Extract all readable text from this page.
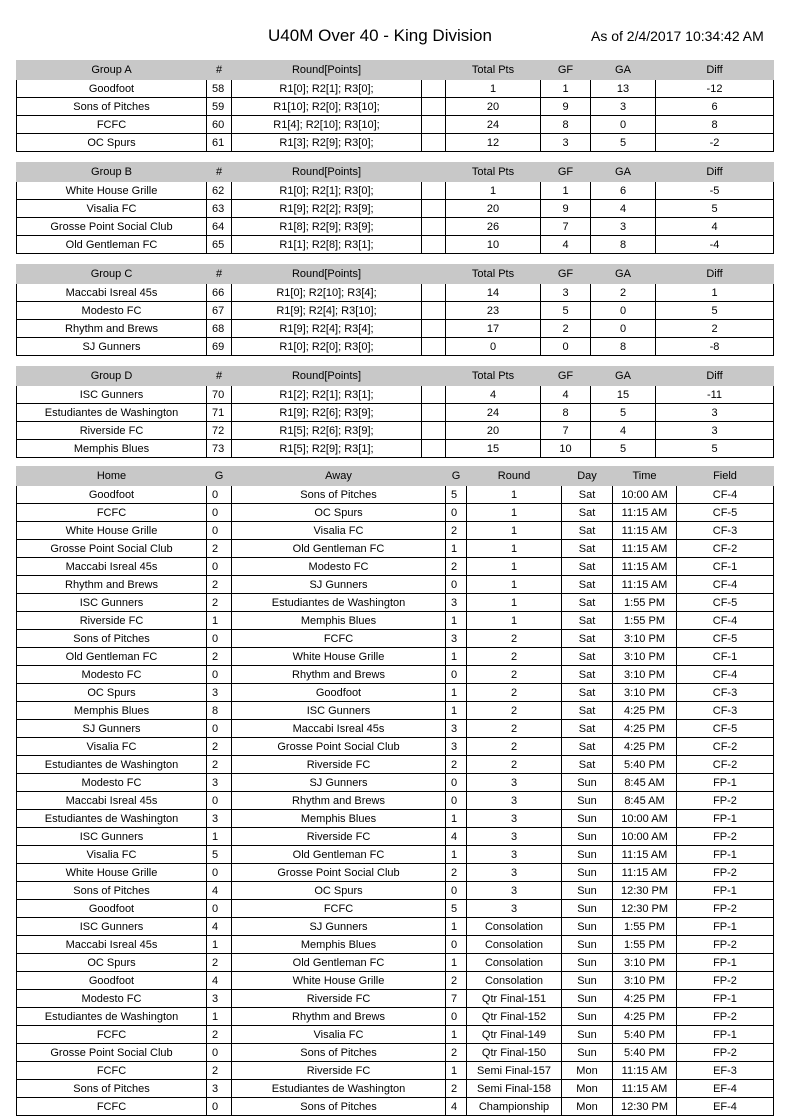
U40M Over 40 - King Division	As of 2/4/2017 10:34:42 AM
Group A	#	Round[Points]		Total Pts	GF	GA	Diff
Goodfoot	58	R1[0]; R2[1]; R3[0];		1	1	13	-12
Sons of Pitches	59	R1[10]; R2[0]; R3[10];		20	9	3	6
FCFC	60	R1[4]; R2[10]; R3[10];		24	8	0	8
OC Spurs	61	R1[3]; R2[9]; R3[0];		12	3	5	-2
Group B	#	Round[Points]		Total Pts	GF	GA	Diff
White House Grille	62	R1[0]; R2[1]; R3[0];		1	1	6	-5
Visalia FC	63	R1[9]; R2[2]; R3[9];		20	9	4	5
Grosse Point Social Club	64	R1[8]; R2[9]; R3[9];		26	7	3	4
Old Gentleman FC	65	R1[1]; R2[8]; R3[1];		10	4	8	-4
Group C	#	Round[Points]		Total Pts	GF	GA	Diff
Maccabi Isreal 45s	66	R1[0]; R2[10]; R3[4];		14	3	2	1
Modesto FC	67	R1[9]; R2[4]; R3[10];		23	5	0	5
Rhythm and Brews	68	R1[9]; R2[4]; R3[4];		17	2	0	2
SJ Gunners	69	R1[0]; R2[0]; R3[0];		0	0	8	-8
Group D	#	Round[Points]		Total Pts	GF	GA	Diff
ISC Gunners	70	R1[2]; R2[1]; R3[1];		4	4	15	-11
Estudiantes de Washington	71	R1[9]; R2[6]; R3[9];		24	8	5	3
Riverside FC	72	R1[5]; R2[6]; R3[9];		20	7	4	3
Memphis Blues	73	R1[5]; R2[9]; R3[1];		15	10	5	5
Home	G	Away	G	Round	Day	Time	Field
Goodfoot	0	Sons of Pitches	5	1	Sat	10:00 AM	CF-4
FCFC	0	OC Spurs	0	1	Sat	11:15 AM	CF-5
White House Grille	0	Visalia FC	2	1	Sat	11:15 AM	CF-3
Grosse Point Social Club	2	Old Gentleman FC	1	1	Sat	11:15 AM	CF-2
Maccabi Isreal 45s	0	Modesto FC	2	1	Sat	11:15 AM	CF-1
Rhythm and Brews	2	SJ Gunners	0	1	Sat	11:15 AM	CF-4
ISC Gunners	2	Estudiantes de Washington	3	1	Sat	1:55 PM	CF-5
Riverside FC	1	Memphis Blues	1	1	Sat	1:55 PM	CF-4
Sons of Pitches	0	FCFC	3	2	Sat	3:10 PM	CF-5
Old Gentleman FC	2	White House Grille	1	2	Sat	3:10 PM	CF-1
Modesto FC	0	Rhythm and Brews	0	2	Sat	3:10 PM	CF-4
OC Spurs	3	Goodfoot	1	2	Sat	3:10 PM	CF-3
Memphis Blues	8	ISC Gunners	1	2	Sat	4:25 PM	CF-3
SJ Gunners	0	Maccabi Isreal 45s	3	2	Sat	4:25 PM	CF-5
Visalia FC	2	Grosse Point Social Club	3	2	Sat	4:25 PM	CF-2
Estudiantes de Washington	2	Riverside FC	2	2	Sat	5:40 PM	CF-2
Modesto FC	3	SJ Gunners	0	3	Sun	8:45 AM	FP-1
Maccabi Isreal 45s	0	Rhythm and Brews	0	3	Sun	8:45 AM	FP-2
Estudiantes de Washington	3	Memphis Blues	1	3	Sun	10:00 AM	FP-1
ISC Gunners	1	Riverside FC	4	3	Sun	10:00 AM	FP-2
Visalia FC	5	Old Gentleman FC	1	3	Sun	11:15 AM	FP-1
White House Grille	0	Grosse Point Social Club	2	3	Sun	11:15 AM	FP-2
Sons of Pitches	4	OC Spurs	0	3	Sun	12:30 PM	FP-1
Goodfoot	0	FCFC	5	3	Sun	12:30 PM	FP-2
ISC Gunners	4	SJ Gunners	1	Consolation	Sun	1:55 PM	FP-1
Maccabi Isreal 45s	1	Memphis Blues	0	Consolation	Sun	1:55 PM	FP-2
OC Spurs	2	Old Gentleman FC	1	Consolation	Sun	3:10 PM	FP-1
Goodfoot	4	White House Grille	2	Consolation	Sun	3:10 PM	FP-2
Modesto FC	3	Riverside FC	7	Qtr Final-151	Sun	4:25 PM	FP-1
Estudiantes de Washington	1	Rhythm and Brews	0	Qtr Final-152	Sun	4:25 PM	FP-2
FCFC	2	Visalia FC	1	Qtr Final-149	Sun	5:40 PM	FP-1
Grosse Point Social Club	0	Sons of Pitches	2	Qtr Final-150	Sun	5:40 PM	FP-2
FCFC	2	Riverside FC	1	Semi Final-157	Mon	11:15 AM	EF-3
Sons of Pitches	3	Estudiantes de Washington	2	Semi Final-158	Mon	11:15 AM	EF-4
FCFC	0	Sons of Pitches	4	Championship	Mon	12:30 PM	EF-4
